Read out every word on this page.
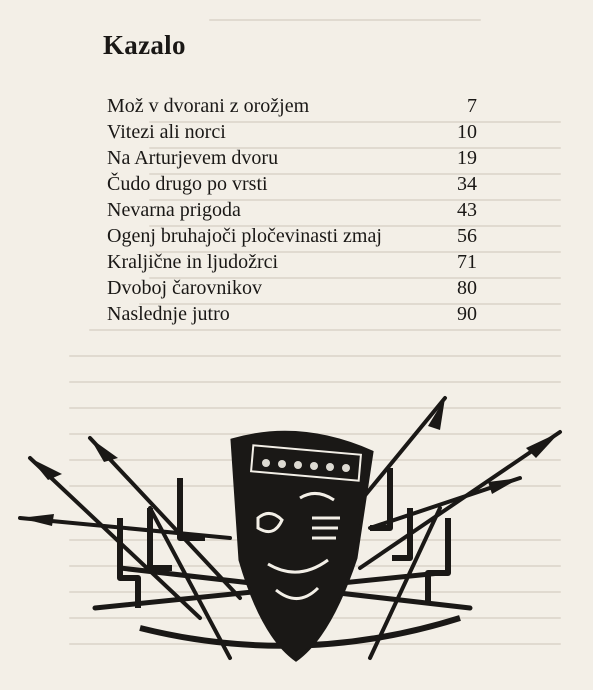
Kazalo
Mož v dvorani z orožjem	7
Vitezi ali norci	10
Na Arturjevem dvoru	19
Čudo drugo po vrsti	34
Nevarna prigoda	43
Ogenj bruhajoči pločevinasti zmaj	56
Kraljične in ljudožrci	71
Dvoboj čarovnikov	80
Naslednje jutro	90
